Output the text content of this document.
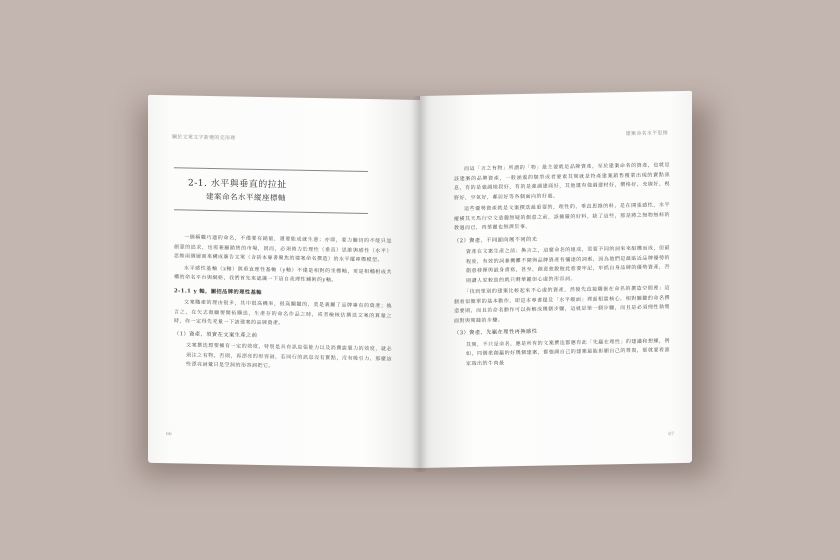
關於文案文字新變的完形理
2-1. 水平與垂直的拉扯
建案命名水平縱座標軸

一個稱職巧適的命名，不僅要有銷量，還要能成就生意；亦即，要力關切的不能只是創意的追求，也需兼顧銷售的市場，因而，必須倚力於理性（垂直）思維與感性（水平）思維兩個層面來構成廣告文案（含括本專書聚焦的建案命名撰造）的水平縱座標模型。

水平感性基軸（x軸）與垂直理性基軸（y軸）不僅是相對的坐標軸，更是相輔相成共構的命名平台與網絡，我們首先來認識一下這自我理性鋪術的y軸。

2-1.1 y 軸，圖招品牌的理性基軸

文案職產的理由很多，其中很高機率，很高關鍵的，莫是義屬了品牌專有的資產；換言之，在矢志徵顧要開拓購迭，生產存的命名作品之時，或者檢核估撰迭文案的算量之時，你一定得先充量一下該建案的品牌資產。

（1）資產，須實在文案生產之前

文案撰迭想要擁有一定的效度，特別是具有訊息張能力以及消費說服力的效度，就必須注之有物，否則，再漂亮的形容詞，若同行的訊息沒有實點，沒有吸引力，那麼這些漂亮詞彙只是空洞的形容詞把它。

66
建案命名水平思維

而這「言之有物」所謂的「物」最主要就是品牌資產，至於建案命名的資產，也就是該建案的品牌資產，一般涵蓋的類型或者要素其實就是符產建案銷售獲業出現的賣點訊息，有的是強調地段好，有的是強調建商好，其他還有強調建材好，價格好，充線好，視野好，空氣好，鄰居好等各個面向的好處。

這些優勢資產就是文案撰迭最重要的，理性的，垂直思維的料，是在開張感性，水平縱橫其天馬行空文造趣無疑的創意之前，該擁嚴的好料，缺了這些，那是將之無物無料的教過而已，再華麗也無濟於事。

（2）資產，不同面向展不同的光

資產在文案生產之前；換言之，這麼命名的組成，需要不同的詞來來組構而成，但最程度，有效的詞兼機攤不開與品牌資產有彌達的詞素，因為他們是最貼近品牌優勢的創意發揮與最身書寫，甚至，創意愈銳彼此愈要牢記，牢抓自身品牌的優勢資產，否則讀人家較勁的就只剩華麗但心虛的形容詞。

「找到眾別的建案比較起來不心虛的資產，然後先直接鑄嵌在命名的撰造空間裡」這個看似簡單的基本動作，即是本專書提及「水平縱面」裡面相當核心。相對關鍵的命名撰造要則，而且若命名動作可以拆解成幾個步驟，這就是第一個步驟，而且是必須理性執實面對與實踐的步驟。

（3）資產，先贏在理性再換感性

其實，不只是命名，應是所有的文案撰迭都應有此「先贏在理性」的建議和想練，例如，同個業創贏的好幾個建案，都強調自己的建案最能彰顯自己的尊貴，那就要看誰家端出的牛肉最

67
